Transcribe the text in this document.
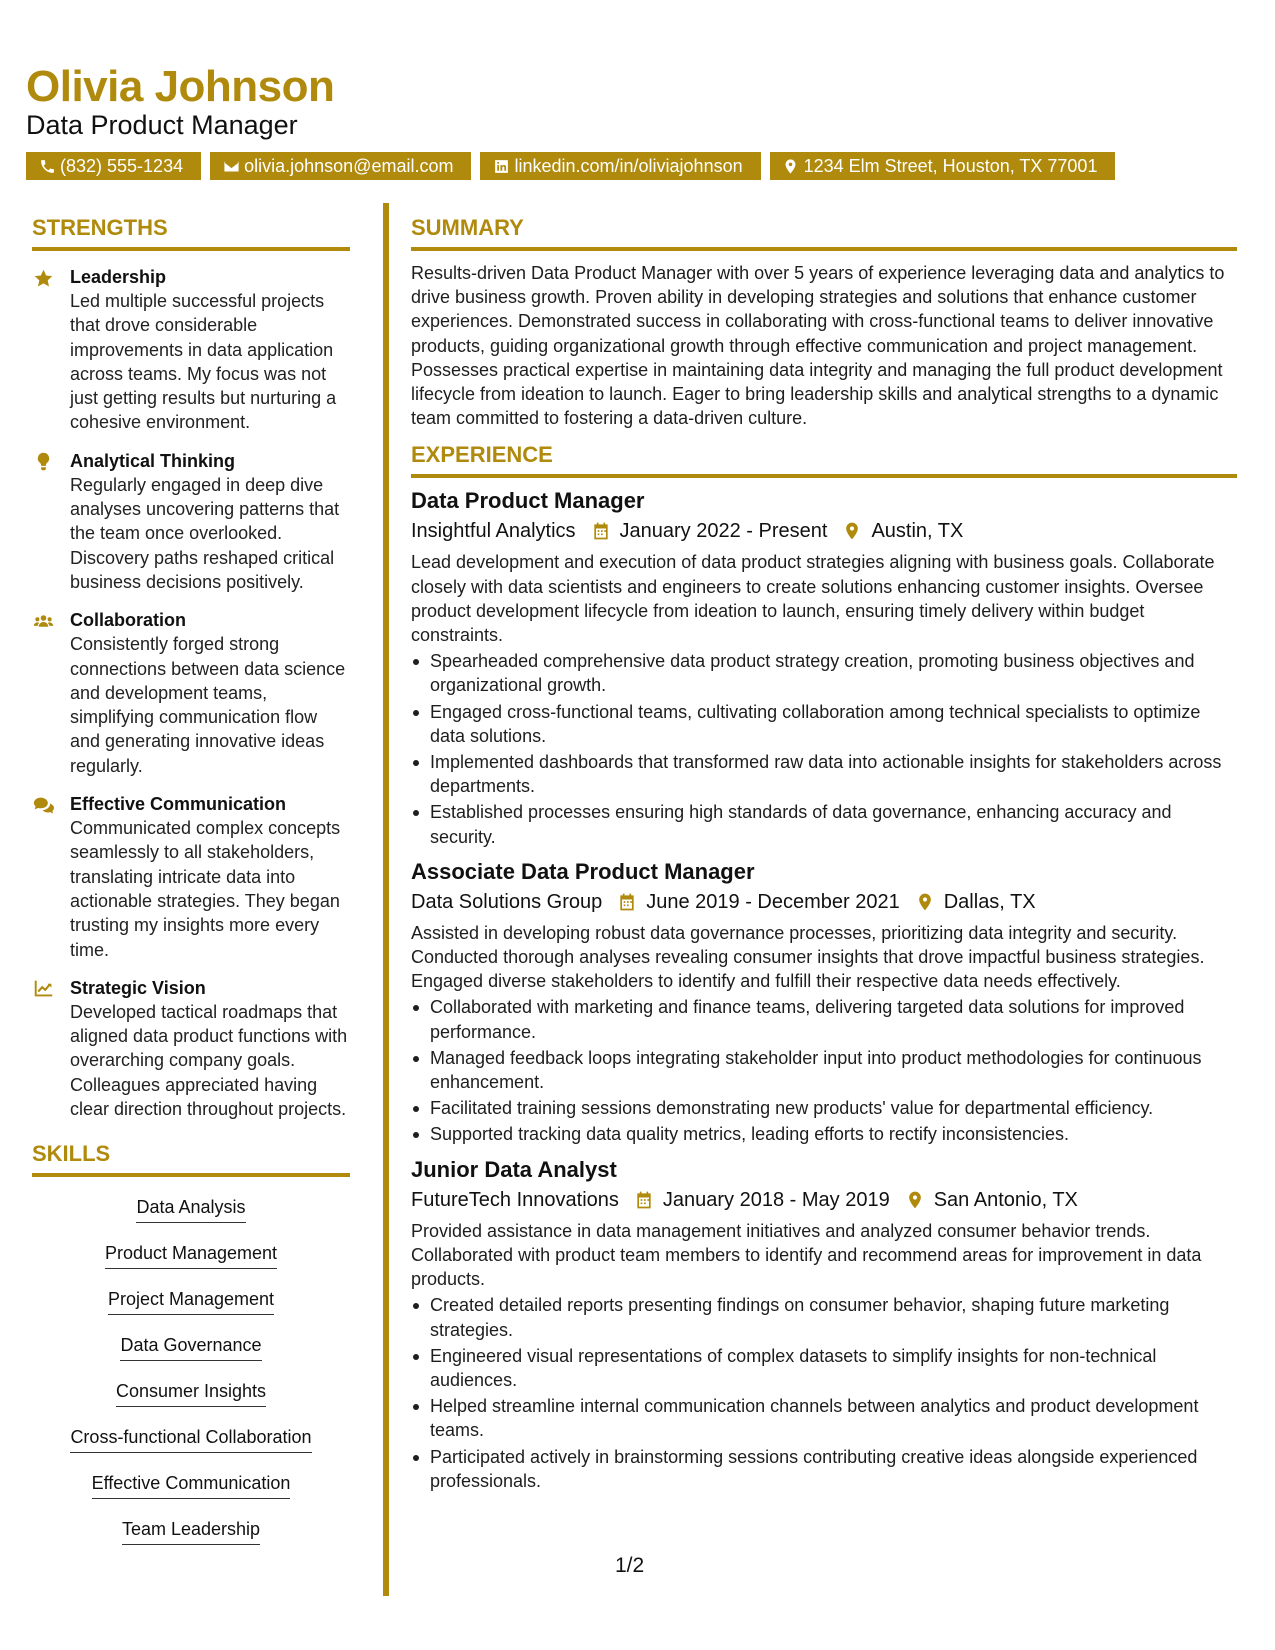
Olivia Johnson
Data Product Manager
(832) 555-1234	olivia.johnson@email.com	linkedin.com/in/oliviajohnson	1234 Elm Street, Houston, TX 77001
STRENGTHS
Leadership
Led multiple successful projects that drove considerable improvements in data application across teams. My focus was not just getting results but nurturing a cohesive environment.
Analytical Thinking
Regularly engaged in deep dive analyses uncovering patterns that the team once overlooked. Discovery paths reshaped critical business decisions positively.
Collaboration
Consistently forged strong connections between data science and development teams, simplifying communication flow and generating innovative ideas regularly.
Effective Communication
Communicated complex concepts seamlessly to all stakeholders, translating intricate data into actionable strategies. They began trusting my insights more every time.
Strategic Vision
Developed tactical roadmaps that aligned data product functions with overarching company goals. Colleagues appreciated having clear direction throughout projects.
SKILLS
Data Analysis
Product Management
Project Management
Data Governance
Consumer Insights
Cross-functional Collaboration
Effective Communication
Team Leadership
SUMMARY
Results-driven Data Product Manager with over 5 years of experience leveraging data and analytics to drive business growth. Proven ability in developing strategies and solutions that enhance customer experiences. Demonstrated success in collaborating with cross-functional teams to deliver innovative products, guiding organizational growth through effective communication and project management. Possesses practical expertise in maintaining data integrity and managing the full product development lifecycle from ideation to launch. Eager to bring leadership skills and analytical strengths to a dynamic team committed to fostering a data-driven culture.
EXPERIENCE
Data Product Manager
Insightful Analytics January 2022 - Present Austin, TX
Lead development and execution of data product strategies aligning with business goals. Collaborate closely with data scientists and engineers to create solutions enhancing customer insights. Oversee product development lifecycle from ideation to launch, ensuring timely delivery within budget constraints.
Spearheaded comprehensive data product strategy creation, promoting business objectives and organizational growth.
Engaged cross-functional teams, cultivating collaboration among technical specialists to optimize data solutions.
Implemented dashboards that transformed raw data into actionable insights for stakeholders across departments.
Established processes ensuring high standards of data governance, enhancing accuracy and security.
Associate Data Product Manager
Data Solutions Group June 2019 - December 2021 Dallas, TX
Assisted in developing robust data governance processes, prioritizing data integrity and security. Conducted thorough analyses revealing consumer insights that drove impactful business strategies. Engaged diverse stakeholders to identify and fulfill their respective data needs effectively.
Collaborated with marketing and finance teams, delivering targeted data solutions for improved performance.
Managed feedback loops integrating stakeholder input into product methodologies for continuous enhancement.
Facilitated training sessions demonstrating new products' value for departmental efficiency.
Supported tracking data quality metrics, leading efforts to rectify inconsistencies.
Junior Data Analyst
FutureTech Innovations January 2018 - May 2019 San Antonio, TX
Provided assistance in data management initiatives and analyzed consumer behavior trends. Collaborated with product team members to identify and recommend areas for improvement in data products.
Created detailed reports presenting findings on consumer behavior, shaping future marketing strategies.
Engineered visual representations of complex datasets to simplify insights for non-technical audiences.
Helped streamline internal communication channels between analytics and product development teams.
Participated actively in brainstorming sessions contributing creative ideas alongside experienced professionals.
1/2
